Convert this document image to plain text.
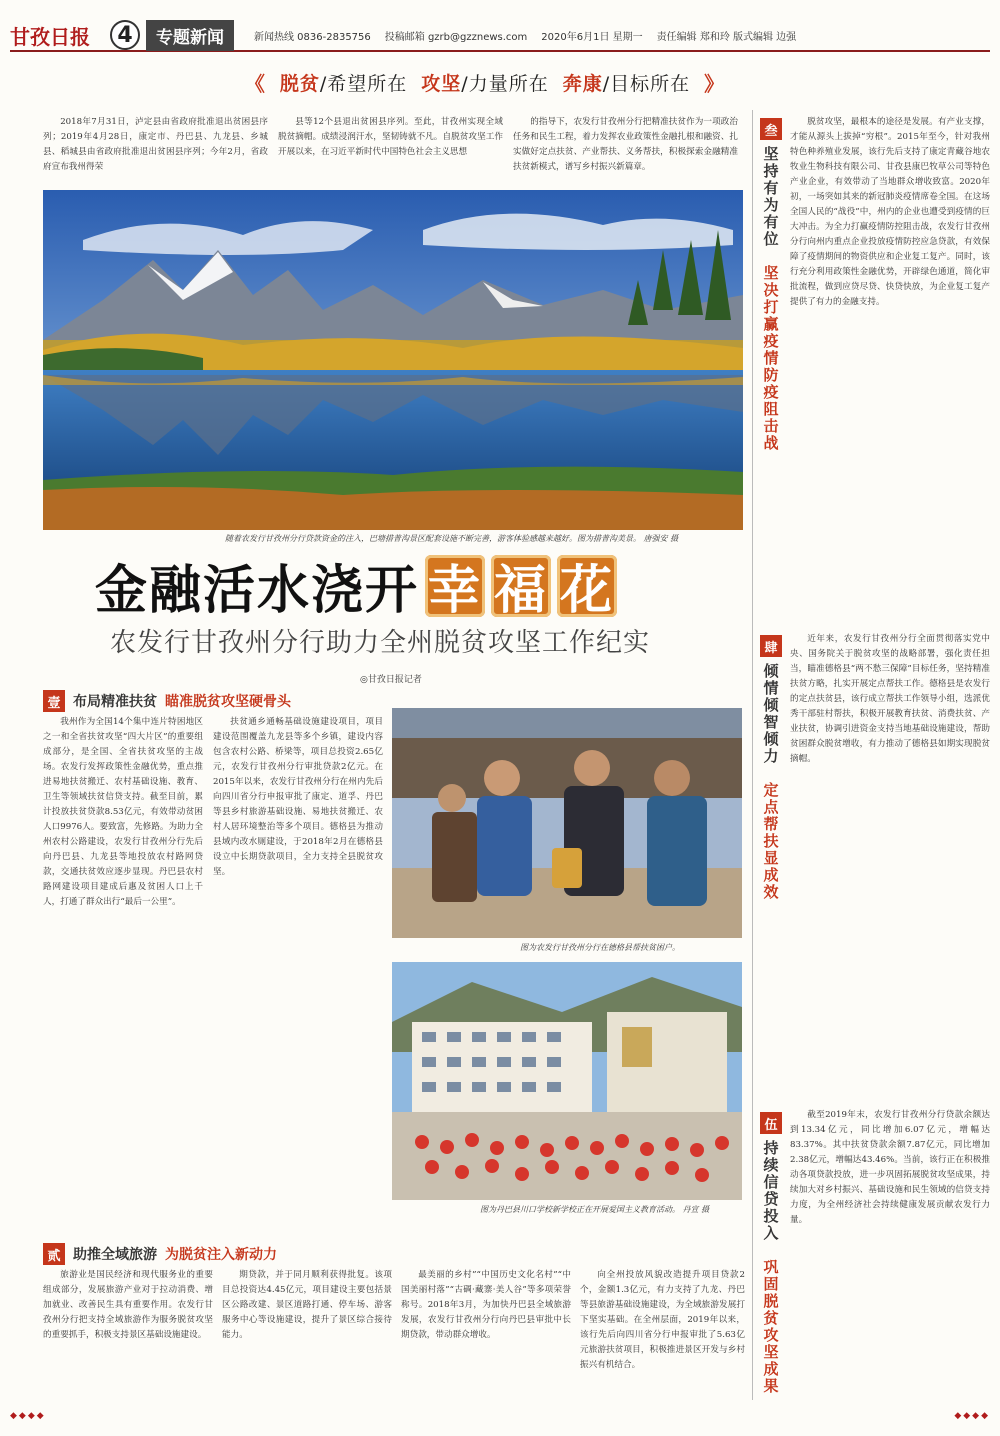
甘孜日报	4	专题新闻	新闻热线 0836-2835756 投稿邮箱 gzrb@gzznews.com 2020年6月1日 星期一 责任编辑 郑和玲 版式编辑 边强
《 脱贫/希望所在 攻坚/力量所在 奔康/目标所在 》

2018年7月31日，泸定县由省政府批准退出贫困县序列；2019年4月28日，康定市、丹巴县、九龙县、乡城县、稻城县由省政府批准退出贫困县序列；今年2月，省政府宣布我州得荣

县等12个县退出贫困县序列。至此，甘孜州实现全域脱贫摘帽。成绩浸润汗水，坚韧铸就不凡。自脱贫攻坚工作开展以来，在习近平新时代中国特色社会主义思想

的指导下，农发行甘孜州分行把精准扶贫作为一项政治任务和民生工程，着力发挥农业政策性金融扎根和融资、扎实做好定点扶贫、产业帮扶、义务帮扶，积极探索金融精准扶贫新模式，谱写乡村振兴新篇章。

随着农发行甘孜州分行贷款资金的注入，巴塘措普沟景区配套设施不断完善，游客体验感越来越好。图为措普沟美景。 唐强安 摄
金融活水浇开 幸 福 花
农发行甘孜州分行助力全州脱贫攻坚工作纪实
◎甘孜日报记者
壹 布局精准扶贫 瞄准脱贫攻坚硬骨头

我州作为全国14个集中连片特困地区之一和全省扶贫攻坚“四大片区”的重要组成部分，是全国、全省扶贫攻坚的主战场。农发行发挥政策性金融优势，重点推进易地扶贫搬迁、农村基础设施、教育、卫生等领域扶贫信贷支持。截至目前，累计投放扶贫贷款8.53亿元，有效带动贫困人口9976人。要致富，先修路。为助力全州农村公路建设，农发行甘孜州分行先后向丹巴县、九龙县等地投放农村路网贷款，交通扶贫效应逐步显现。丹巴县农村路网建设项目建成后惠及贫困人口上千人，打通了群众出行“最后一公里”。

扶贫通乡通畅基础设施建设项目，项目建设范围覆盖九龙县等多个乡镇，建设内容包含农村公路、桥梁等，项目总投资2.65亿元，农发行甘孜州分行审批贷款2亿元。在2015年以来，农发行甘孜州分行在州内先后向四川省分行申报审批了康定、道孚、丹巴等县乡村旅游基础设施、易地扶贫搬迁、农村人居环境整治等多个项目。德格县为推动县域内改水厕建设，于2018年2月在德格县设立中长期贷款项目，全力支持全县脱贫攻坚。

图为农发行甘孜州分行在德格县帮扶贫困户。
图为丹巴县川口学校新学校正在开展爱国主义教育活动。 丹宣 摄
贰 助推全域旅游 为脱贫注入新动力

旅游业是国民经济和现代服务业的重要组成部分，发展旅游产业对于拉动消费、增加就业、改善民生具有重要作用。农发行甘孜州分行把支持全域旅游作为服务脱贫攻坚的重要抓手，积极支持景区基础设施建设。

期贷款，并于同月顺利获得批复。该项目总投资达4.45亿元，项目建设主要包括景区公路改建、景区道路打通、停车场、游客服务中心等设施建设，提升了景区综合接待能力。

最美丽的乡村”“中国历史文化名村”“中国美丽村落”“古碉·藏寨·美人谷”等多项荣誉称号。2018年3月，为加快丹巴县全域旅游发展，农发行甘孜州分行向丹巴县审批中长期贷款，带动群众增收。

向全州投放风貌改造提升项目贷款2个，金额1.3亿元，有力支持了九龙、丹巴等县旅游基础设施建设，为全域旅游发展打下坚实基础。在全州层面，2019年以来，该行先后向四川省分行申报审批了5.63亿元旅游扶贫项目，积极推进景区开发与乡村振兴有机结合。

叁
坚持有为有位 坚决打赢疫情防疫阻击战

脱贫攻坚，最根本的途径是发展。有产业支撑，才能从源头上拔掉“穷根”。2015年至今，针对我州特色种养殖业发展，该行先后支持了康定青藏谷地农牧业生物科技有限公司、甘孜县康巴牧草公司等特色产业企业，有效带动了当地群众增收致富。2020年初，一场突如其来的新冠肺炎疫情席卷全国。在这场全国人民的“战役”中，州内的企业也遭受到疫情的巨大冲击。为全力打赢疫情防控阻击战，农发行甘孜州分行向州内重点企业投放疫情防控应急贷款，有效保障了疫情期间的物资供应和企业复工复产。同时，该行充分利用政策性金融优势，开辟绿色通道，简化审批流程，做到应贷尽贷、快贷快放，为企业复工复产提供了有力的金融支持。

肆
倾情倾智倾力 定点帮扶显成效

近年来，农发行甘孜州分行全面贯彻落实党中央、国务院关于脱贫攻坚的战略部署，强化责任担当，瞄准德格县“两不愁三保障”目标任务，坚持精准扶贫方略，扎实开展定点帮扶工作。德格县是农发行的定点扶贫县，该行成立帮扶工作领导小组，选派优秀干部驻村帮扶，积极开展教育扶贫、消费扶贫、产业扶贫，协调引进资金支持当地基础设施建设，帮助贫困群众脱贫增收，有力推动了德格县如期实现脱贫摘帽。

伍
持续信贷投入 巩固脱贫攻坚成果

截至2019年末，农发行甘孜州分行贷款余额达到13.34亿元，同比增加6.07亿元，增幅达83.37%。其中扶贫贷款余额7.87亿元，同比增加2.38亿元，增幅达43.46%。当前，该行正在积极推动各项贷款投放，进一步巩固拓展脱贫攻坚成果，持续加大对乡村振兴、基础设施和民生领域的信贷支持力度，为全州经济社会持续健康发展贡献农发行力量。

◆◆◆◆	◆◆◆◆
